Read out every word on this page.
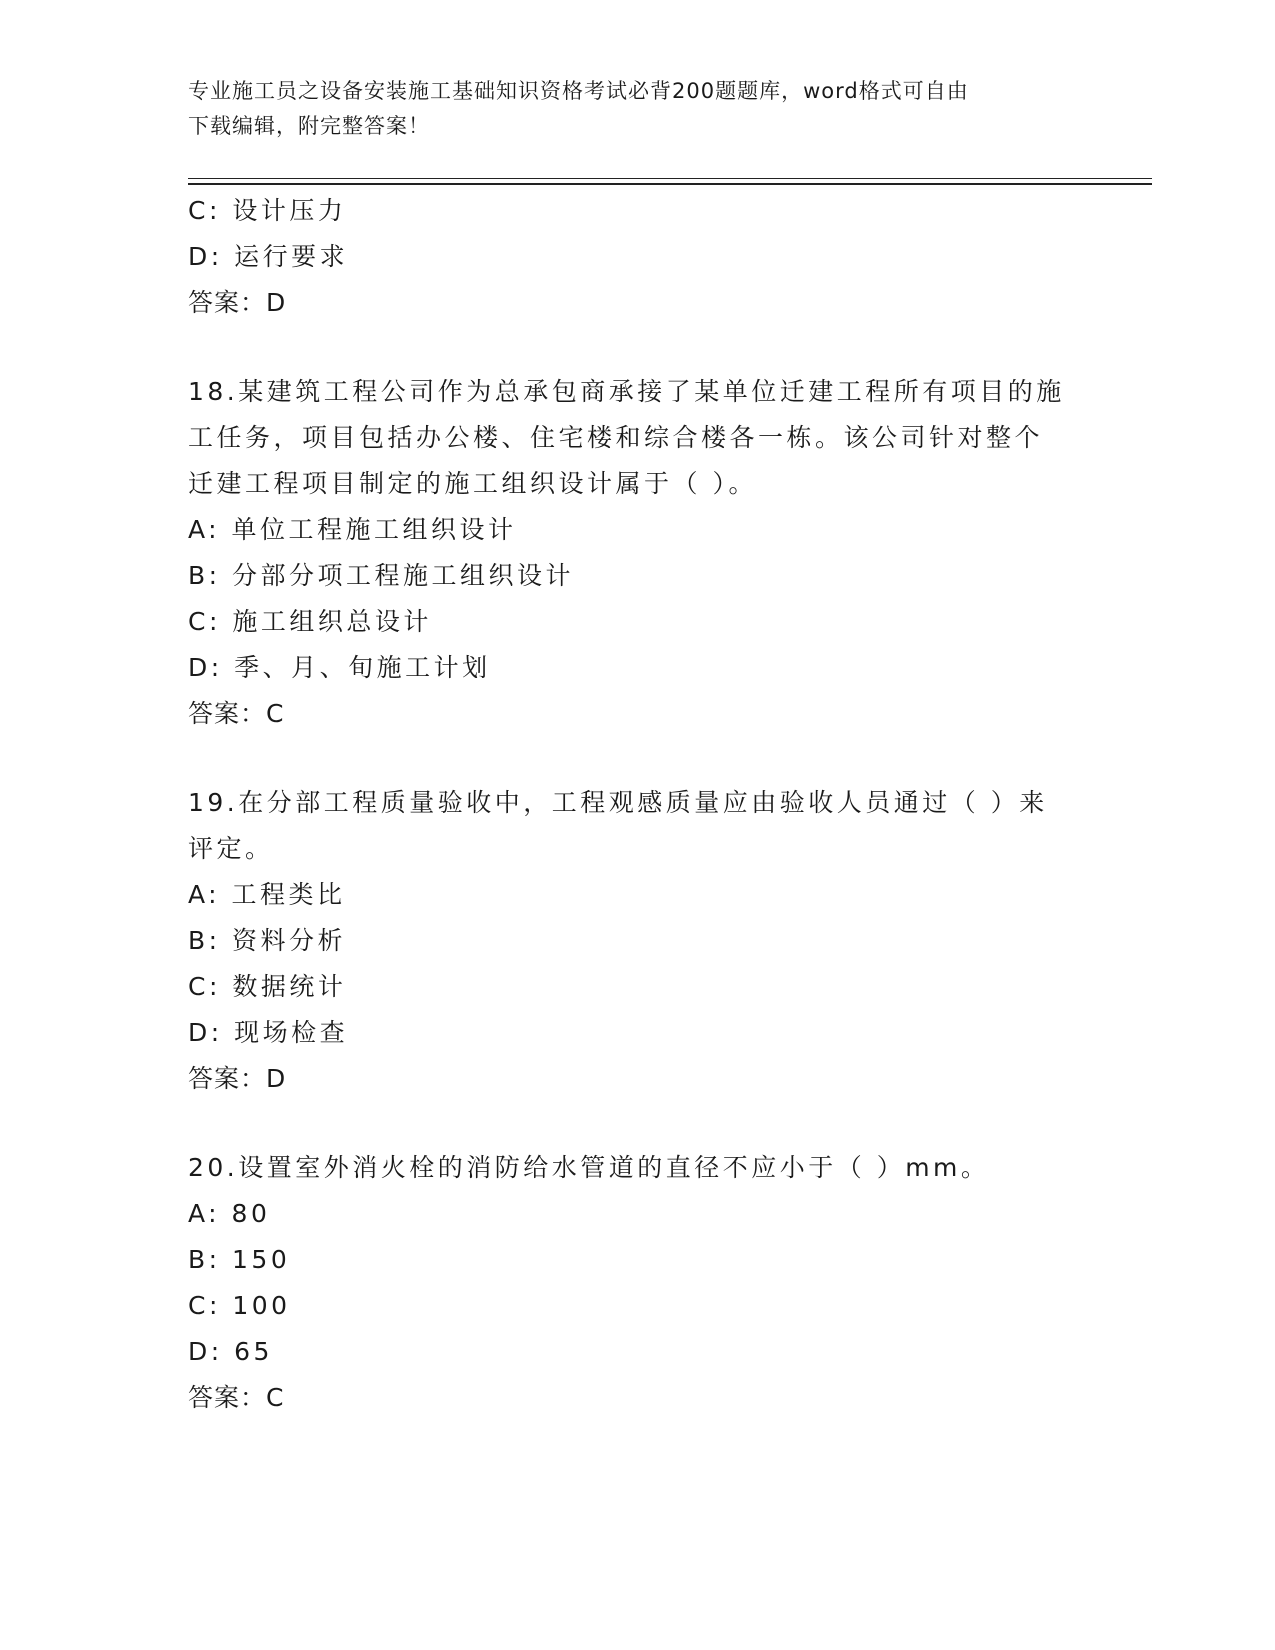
专业施工员之设备安装施工基础知识资格考试必背200题题库，word格式可自由
下载编辑，附完整答案！
C: 设计压力
D: 运行要求
答案：D
18.某建筑工程公司作为总承包商承接了某单位迁建工程所有项目的施
工任务，项目包括办公楼、住宅楼和综合楼各一栋。该公司针对整个
迁建工程项目制定的施工组织设计属于（ ）。
A: 单位工程施工组织设计
B: 分部分项工程施工组织设计
C: 施工组织总设计
D: 季、月、旬施工计划
答案：C
19.在分部工程质量验收中，工程观感质量应由验收人员通过（ ）来
评定。
A: 工程类比
B: 资料分析
C: 数据统计
D: 现场检查
答案：D
20.设置室外消火栓的消防给水管道的直径不应小于（ ）mm。
A: 80
B: 150
C: 100
D: 65
答案：C
